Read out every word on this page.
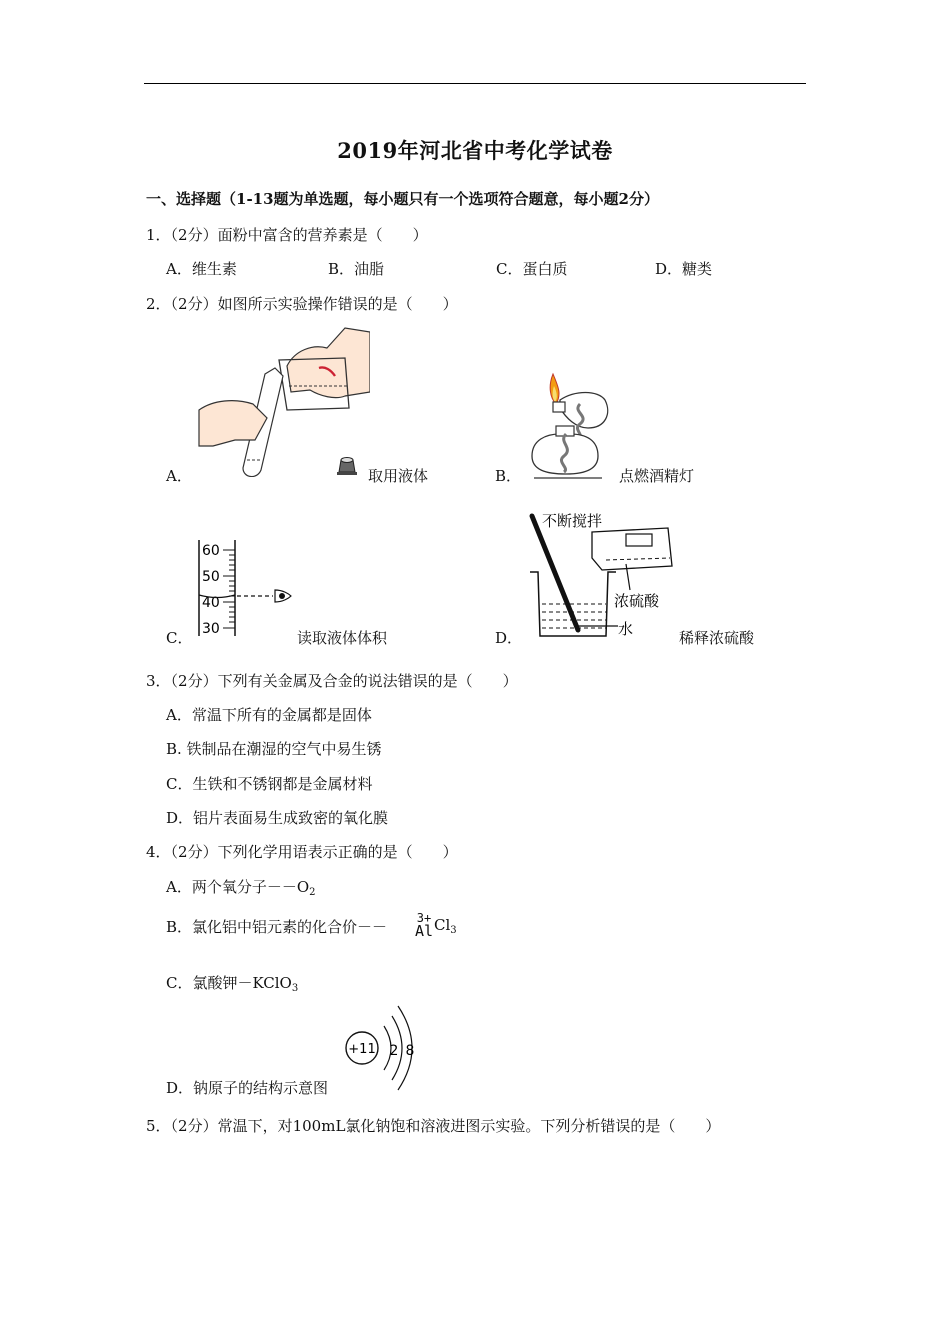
2019年河北省中考化学试卷
一、选择题（1-13题为单选题，每小题只有一个选项符合题意，每小题2分）
1．（2分）面粉中富含的营养素是（　　）
A．维生素	B．油脂	C．蛋白质	D．糖类
2．（2分）如图所示实验操作错误的是（　　）
A．	取用液体	B．	点燃酒精灯
60
50
40
30
C．	读取液体体积
不断搅拌
水
浓硫酸
D．	稀释浓硫酸
3．（2分）下列有关金属及合金的说法错误的是（　　）
A．常温下所有的金属都是固体
B. 铁制品在潮湿的空气中易生锈
C．生铁和不锈钢都是金属材料
D．铝片表面易生成致密的氧化膜
4．（2分）下列化学用语表示正确的是（　　）
A．两个氧分子$--O_2$
B．氯化铝中铝元素的化合价－－	3+
Al $Cl_3$
C．氯酸钾－KClO$_3$
+11 2 8
D．钠原子的结构示意图
5．（2分）常温下，对100mL氯化钠饱和溶液进图示实验。下列分析错误的是（　　）
